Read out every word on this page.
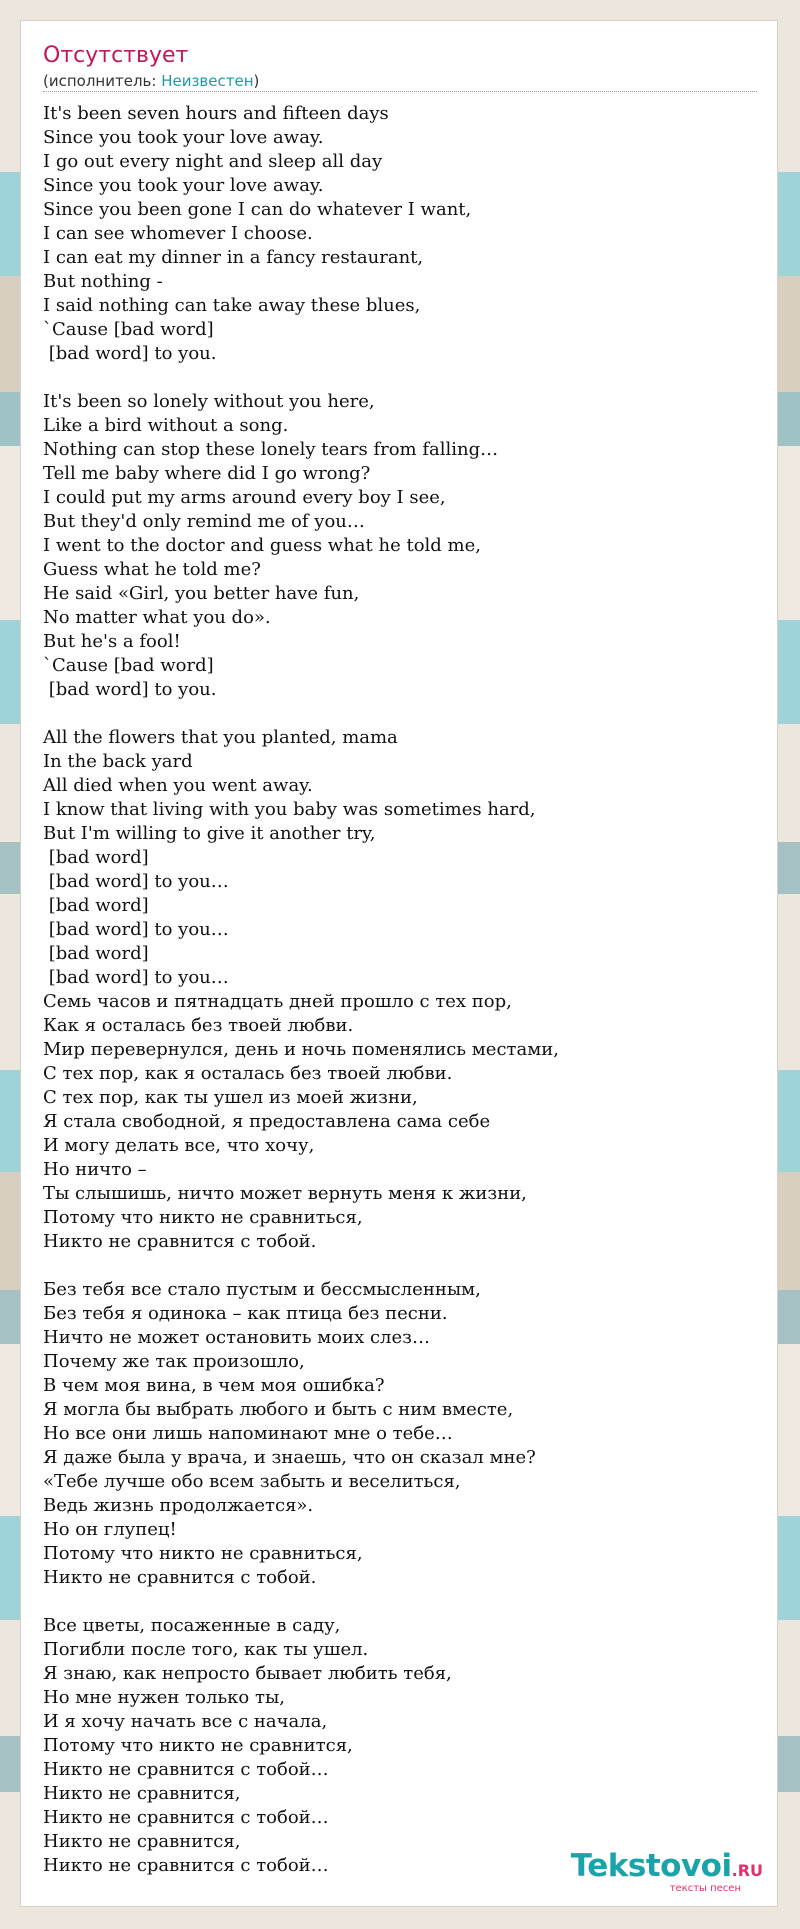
Отсутствует
(исполнитель: Неизвестен)
It's been seven hours and fifteen days
Since you took your love away.
I go out every night and sleep all day
Since you took your love away.
Since you been gone I can do whatever I want,
I can see whomever I choose.
I can eat my dinner in a fancy restaurant,
But nothing -
I said nothing can take away these blues,
`Cause [bad word]
[bad word] to you.
It's been so lonely without you here,
Like a bird without a song.
Nothing can stop these lonely tears from falling…
Tell me baby where did I go wrong?
I could put my arms around every boy I see,
But they'd only remind me of you…
I went to the doctor and guess what he told me,
Guess what he told me?
He said «Girl, you better have fun,
No matter what you do».
But he's a fool!
`Cause [bad word]
[bad word] to you.
All the flowers that you planted, mama
In the back yard
All died when you went away.
I know that living with you baby was sometimes hard,
But I'm willing to give it another try,
[bad word]
[bad word] to you…
[bad word]
[bad word] to you…
[bad word]
[bad word] to you…
Семь часов и пятнадцать дней прошло с тех пор,
Как я осталась без твоей любви.
Мир перевернулся, день и ночь поменялись местами,
С тех пор, как я осталась без твоей любви.
С тех пор, как ты ушел из моей жизни,
Я стала свободной, я предоставлена сама себе
И могу делать все, что хочу,
Но ничто –
Ты слышишь, ничто может вернуть меня к жизни,
Потому что никто не сравниться,
Никто не сравнится с тобой.
Без тебя все стало пустым и бессмысленным,
Без тебя я одинока – как птица без песни.
Ничто не может остановить моих слез…
Почему же так произошло,
В чем моя вина, в чем моя ошибка?
Я могла бы выбрать любого и быть с ним вместе,
Но все они лишь напоминают мне о тебе…
Я даже была у врача, и знаешь, что он сказал мне?
«Тебе лучше обо всем забыть и веселиться,
Ведь жизнь продолжается».
Но он глупец!
Потому что никто не сравниться,
Никто не сравнится с тобой.
Все цветы, посаженные в саду,
Погибли после того, как ты ушел.
Я знаю, как непросто бывает любить тебя,
Но мне нужен только ты,
И я хочу начать все с начала,
Потому что никто не сравнится,
Никто не сравнится с тобой…
Никто не сравнится,
Никто не сравнится с тобой…
Никто не сравнится,
Никто не сравнится с тобой…	Tekstovoi.RU
тексты песен
